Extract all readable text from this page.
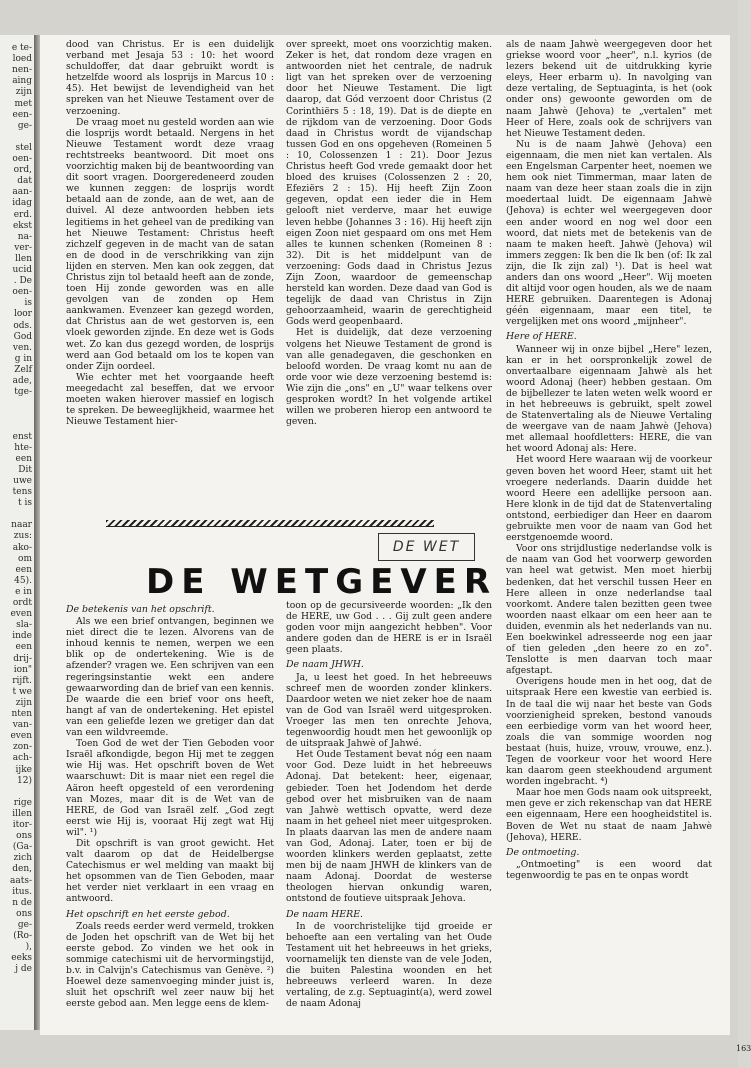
e te-
loed
nen-
aing
zijn
met
een-
ge-
stel
oen-
ord,
dat
aan-
idag
erd.
ekst
na-
ver-
llen
ucid
. De
oen-
is
loor
ods.
God
ven.
g in
Zelf
ade,
tge-
enst
hte-
een
Dit
uwe
tens
t is
naar
zus:
ako-
om
een
45).
e in
ordt
even
sla-
inde
een
drij-
ion"
rijft.
t we
zijn
nten
van-
even
zon-
ach-
ijke
12)
rige
illen
itor-
ons
(Ga-
zich
den,
aats-
itus.
n de
ons
ge-
(Ro-
),
eeks
j de

dood van Christus. Er is een duidelijk verband met Jesaja 53 : 10: het woord schuldoffer, dat daar gebruikt wordt is hetzelfde woord als losprijs in Marcus 10 : 45). Het bewijst de levendigheid van het spreken van het Nieuwe Testament over de verzoening.

De vraag moet nu gesteld worden aan wie die losprijs wordt betaald. Nergens in het Nieuwe Testament wordt deze vraag rechtstreeks beantwoord. Dit moet ons voorzichtig maken bij de beantwoording van dit soort vragen. Doorgeredeneerd zouden we kunnen zeggen: de losprijs wordt betaald aan de zonde, aan de wet, aan de duivel. Al deze antwoorden hebben iets legitiems in het geheel van de prediking van het Nieuwe Testament: Christus heeft zichzelf gegeven in de macht van de satan en de dood in de verschrikking van zijn lijden en sterven. Men kan ook zeggen, dat Christus zijn tol betaald heeft aan de zonde, toen Hij zonde geworden was en alle gevolgen van de zonden op Hem aankwamen. Evenzeer kan gezegd worden, dat Christus aan de wet gestorven is, een vloek geworden zijnde. En deze wet is Gods wet. Zo kan dus gezegd worden, de losprijs werd aan God betaald om los te kopen van onder Zijn oordeel.

Wie echter met het voorgaande heeft meegedacht zal beseffen, dat we ervoor moeten waken hierover massief en logisch te spreken. De beweeglijkheid, waarmee het Nieuwe Testament hier-

over spreekt, moet ons voorzichtig maken. Zeker is het, dat rondom deze vragen en antwoorden niet het centrale, de nadruk ligt van het spreken over de verzoening door het Nieuwe Testament. Die ligt daarop, dat Gód verzoent door Christus (2 Corinthiërs 5 : 18, 19). Dat is de diepte en de rijkdom van de verzoening. Door Gods daad in Christus wordt de vijandschap tussen God en ons opgeheven (Romeinen 5 : 10, Colossenzen 1 : 21). Door Jezus Christus heeft God vrede gemaakt door het bloed des kruises (Colossenzen 2 : 20, Efeziërs 2 : 15). Hij heeft Zijn Zoon gegeven, opdat een ieder die in Hem gelooft niet verderve, maar het euwige leven hebbe (Johannes 3 : 16). Hij heeft zijn eigen Zoon niet gespaard om ons met Hem alles te kunnen schenken (Romeinen 8 : 32). Dit is het middelpunt van de verzoening: Gods daad in Christus Jezus Zijn Zoon, waardoor de gemeenschap hersteld kan worden. Deze daad van God is tegelijk de daad van Christus in Zijn gehoorzaamheid, waarin de gerechtigheid Gods werd geopenbaard.

Het is duidelijk, dat deze verzoening volgens het Nieuwe Testament de grond is van alle genadegaven, die geschonken en beloofd worden. De vraag komt nu aan de orde voor wie deze verzoening bestemd is: Wie zijn die „ons" en „U" waar telkens over gesproken wordt? In het volgende artikel willen we proberen hierop een antwoord te geven.

als de naam Jahwè weergegeven door het griekse woord voor „heer", n.l. kyrios (de lezers bekend uit de uitdrukking kyrie eleys, Heer erbarm u). In navolging van deze vertaling, de Septuaginta, is het (ook onder ons) gewoonte geworden om de naam Jahwè (Jehova) te „vertalen" met Heer of Here, zoals ook de schrijvers van het Nieuwe Testament deden.

Nu is de naam Jahwè (Jehova) een eigennaam, die men niet kan vertalen. Als een Engelsman Carpenter heet, noemen we hem ook niet Timmerman, maar laten de naam van deze heer staan zoals die in zijn moedertaal luidt. De eigennaam Jahwè (Jehova) is echter wel weergegeven door een ander woord en nog wel door een woord, dat niets met de betekenis van de naam te maken heeft. Jahwè (Jehova) wil immers zeggen: Ik ben die Ik ben (of: Ik zal zijn, die Ik zijn zal) ¹). Dat is heel wat anders dan ons woord „Heer". Wij moeten dit altijd voor ogen houden, als we de naam HERE gebruiken. Daarentegen is Adonaj géén eigennaam, maar een titel, te vergelijken met ons woord „mijnheer".

Here of HERE.

Wanneer wij in onze bijbel „Here" lezen, kan er in het oorspronkelijk zowel de onvertaalbare eigennaam Jahwè als het woord Adonaj (heer) hebben gestaan. Om de bijbellezer te laten weten welk woord er in het hebreeuws is gebruikt, spelt zowel de Statenvertaling als de Nieuwe Vertaling de weergave van de naam Jahwè (Jehova) met allemaal hoofdletters: HERE, die van het woord Adonaj als: Here.

Het woord Here waaraan wij de voorkeur geven boven het woord Heer, stamt uit het vroegere nederlands. Daarin duidde het woord Heere een adellijke persoon aan. Here klonk in de tijd dat de Statenvertaling ontstond, eerbiediger dan Heer en daarom gebruikte men voor de naam van God het eerstgenoemde woord.

Voor ons strijdlustige nederlandse volk is de naam van God het voorwerp geworden van heel wat getwist. Men moet hierbij bedenken, dat het verschil tussen Heer en Here alleen in onze nederlandse taal voorkomt. Andere talen bezitten geen twee woorden naast elkaar om een heer aan te duiden, evenmin als het nederlands van nu. Een boekwinkel adresseerde nog een jaar of tien geleden „den heere zo en zo". Tenslotte is men daarvan toch maar afgestapt.

Overigens houde men in het oog, dat de uitspraak Here een kwestie van eerbied is. In de taal die wij naar het beste van Gods voorzienigheid spreken, bestond vanouds een eerbiedige vorm van het woord heer, zoals die van sommige woorden nog bestaat (huis, huize, vrouw, vrouwe, enz.). Tegen de voorkeur voor het woord Here kan daarom geen steekhoudend argument worden ingebracht. ⁴)

Maar hoe men Gods naam ook uitspreekt, men geve er zich rekenschap van dat HERE een eigennaam, Here een hoogheidstitel is. Boven de Wet nu staat de naam Jahwè (Jehova), HERE.

De ontmoeting.

„Ontmoeting" is een woord dat tegenwoordig te pas en te onpas wordt

DE WET
DE WETGEVER
De betekenis van het opschrift.

Als we een brief ontvangen, beginnen we niet direct die te lezen. Alvorens van de inhoud kennis te nemen, werpen we een blik op de ondertekening. Wie is de afzender? vragen we. Een schrijven van een regeringsinstantie wekt een andere gewaarwording dan de brief van een kennis. De waarde die een brief voor ons heeft, hangt af van de ondertekening. Het epistel van een geliefde lezen we gretiger dan dat van een wildvreemde.

Toen God de wet der Tien Geboden voor Israël afkondigde, begon Hij met te zeggen wie Hij was. Het opschrift boven de Wet waarschuwt: Dit is maar niet een regel die Aäron heeft opgesteld of een verordening van Mozes, maar dit is de Wet van de HERE, de God van Israël zelf. „God zegt eerst wie Hij is, vooraat Hij zegt wat Hij wil". ¹)

Dit opschrift is van groot gewicht. Het valt daarom op dat de Heidelbergse Catechismus er wel melding van maakt bij het opsommen van de Tien Geboden, maar het verder niet verklaart in een vraag en antwoord.

Het opschrift en het eerste gebod.

Zoals reeds eerder werd vermeld, trokken de Joden het opschrift van de Wet bij het eerste gebod. Zo vinden we het ook in sommige catechismi uit de hervormingstijd, b.v. in Calvijn's Catechismus van Genève. ²) Hoewel deze samenvoeging minder juist is, sluit het opschrift wel zeer nauw bij het eerste gebod aan. Men legge eens de klem-

toon op de gecursiveerde woorden: „Ik den de HERE, uw God . . . Gij zult geen andere goden voor mijn aangezicht hebben". Voor andere goden dan de HERE is er in Israël geen plaats.

De naam JHWH.

Ja, u leest het goed. In het hebreeuws schreef men de woorden zonder klinkers. Daardoor weten we niet zeker hoe de naam van de God van Israël werd uitgesproken. Vroeger las men ten onrechte Jehova, tegenwoordig houdt men het gewoonlijk op de uitspraak Jahwè of Jahwé.

Het Oude Testament bevat nóg een naam voor God. Deze luidt in het hebreeuws Adonaj. Dat betekent: heer, eigenaar, gebieder. Toen het Jodendom het derde gebod over het misbruiken van de naam van Jahwè wettisch opvatte, werd deze naam in het geheel niet meer uitgesproken. In plaats daarvan las men de andere naam van God, Adonaj. Later, toen er bij de woorden klinkers werden geplaatst, zette men bij de naam JHWH de klinkers van de naam Adonaj. Doordat de westerse theologen hiervan onkundig waren, ontstond de foutieve uitspraak Jehova.

De naam HERE.

In de voorchristelijke tijd groeide er behoefte aan een vertaling van het Oude Testament uit het hebreeuws in het grieks, voornamelijk ten dienste van de vele Joden, die buiten Palestina woonden en het hebreeuws verleerd waren. In deze vertaling, de z.g. Septuagint(a), werd zowel de naam Adonaj

163
